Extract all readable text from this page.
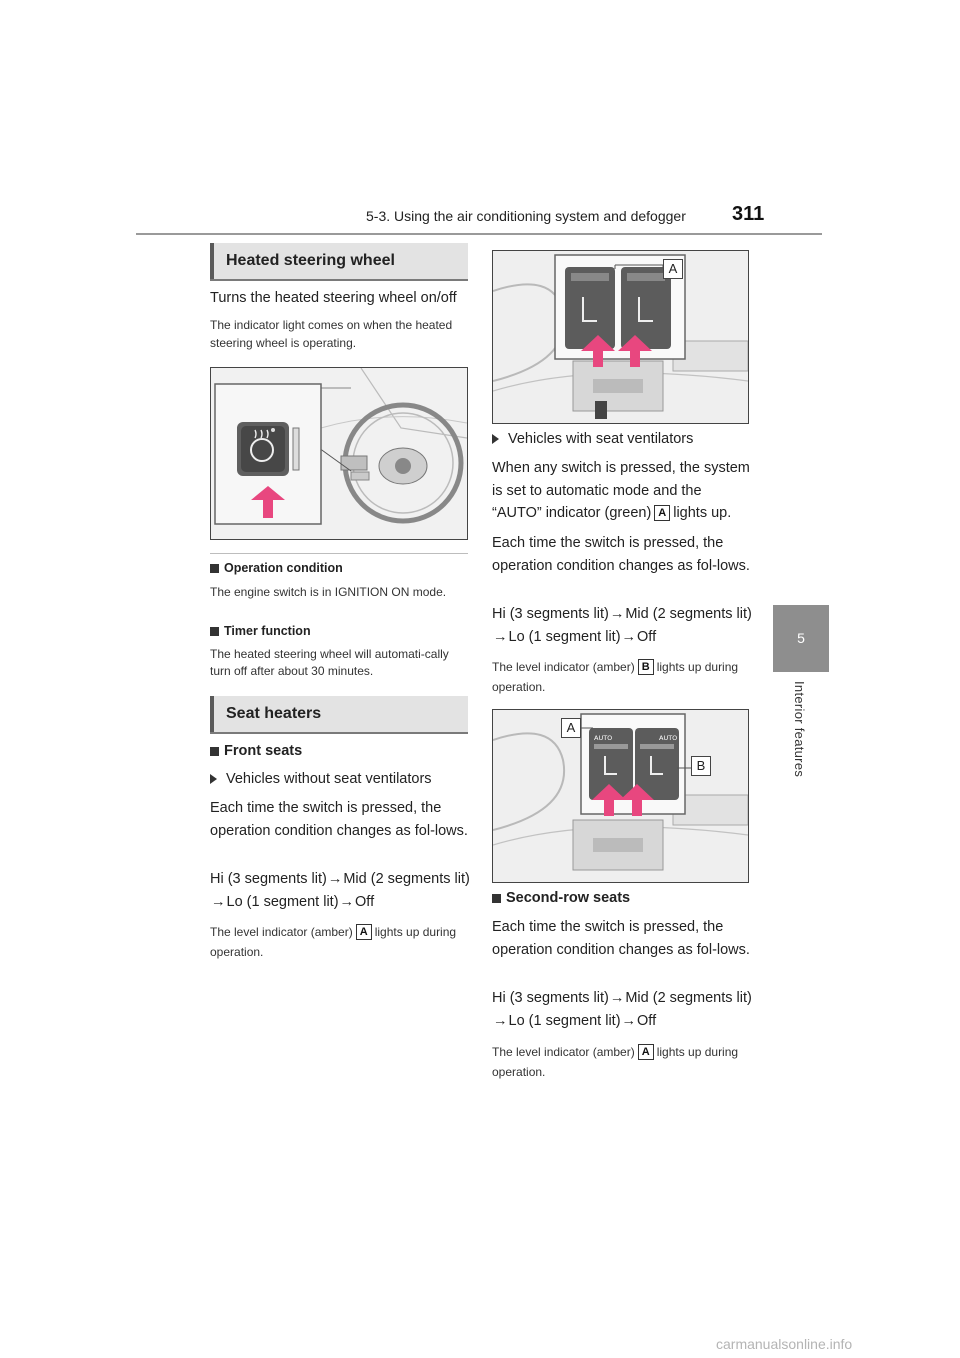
5-3. Using the air conditioning system and defogger 311
5
Interior features
Heated steering wheel
Turns the heated steering wheel on/off
The indicator light comes on when the heated steering wheel is operating.
Operation condition
The engine switch is in IGNITION ON mode.
Timer function
The heated steering wheel will automati-cally turn off after about 30 minutes.
Seat heaters
Front seats
Vehicles without seat ventilators
Each time the switch is pressed, the operation condition changes as fol-lows.
Hi (3 segments lit)→Mid (2 segments lit)→Lo (1 segment lit)→Off
The level indicator (amber) A lights up during operation.
A
Vehicles with seat ventilators
When any switch is pressed, the system is set to automatic mode and the “AUTO” indicator (green) A lights up.
Each time the switch is pressed, the operation condition changes as fol-lows.
Hi (3 segments lit)→Mid (2 segments lit)→Lo (1 segment lit)→Off
The level indicator (amber) B lights up during operation.
AUTO	AUTO
A
B
Second-row seats
Each time the switch is pressed, the operation condition changes as fol-lows.
Hi (3 segments lit)→Mid (2 segments lit)→Lo (1 segment lit)→Off
The level indicator (amber) A lights up during operation.
carmanualsonline.info
